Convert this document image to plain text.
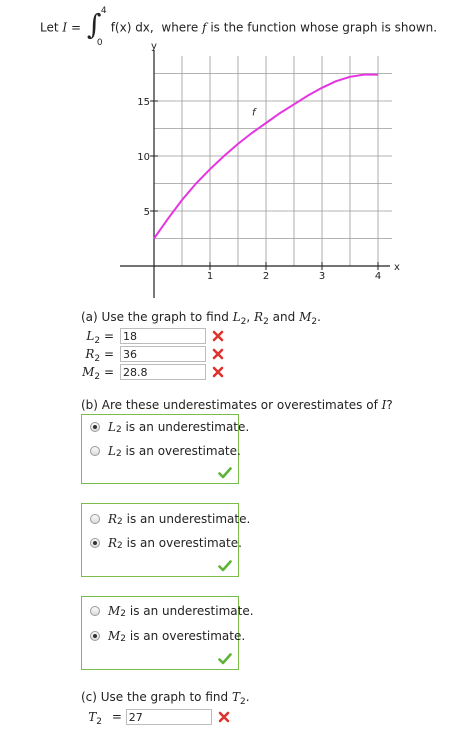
Let I = ∫ 4
0
f(x) dx, where f is the function whose graph is shown.
1	2	3	4
5
10
15
f
x
y
(a) Use the graph to find $L_2$, $R_2$ and $M_2$.
$L_2 =18$
$R_2 =36$
$M_2 =28.8$
(b) Are these underestimates or overestimates of I?
L 2
is an underestimate.
L 2
is an overestimate.
R 2
is an underestimate.
R 2
is an overestimate.
M 2
is an underestimate.
M 2
is an overestimate.
(c) Use the graph to find $T_2$.
$T_2 = 27$
